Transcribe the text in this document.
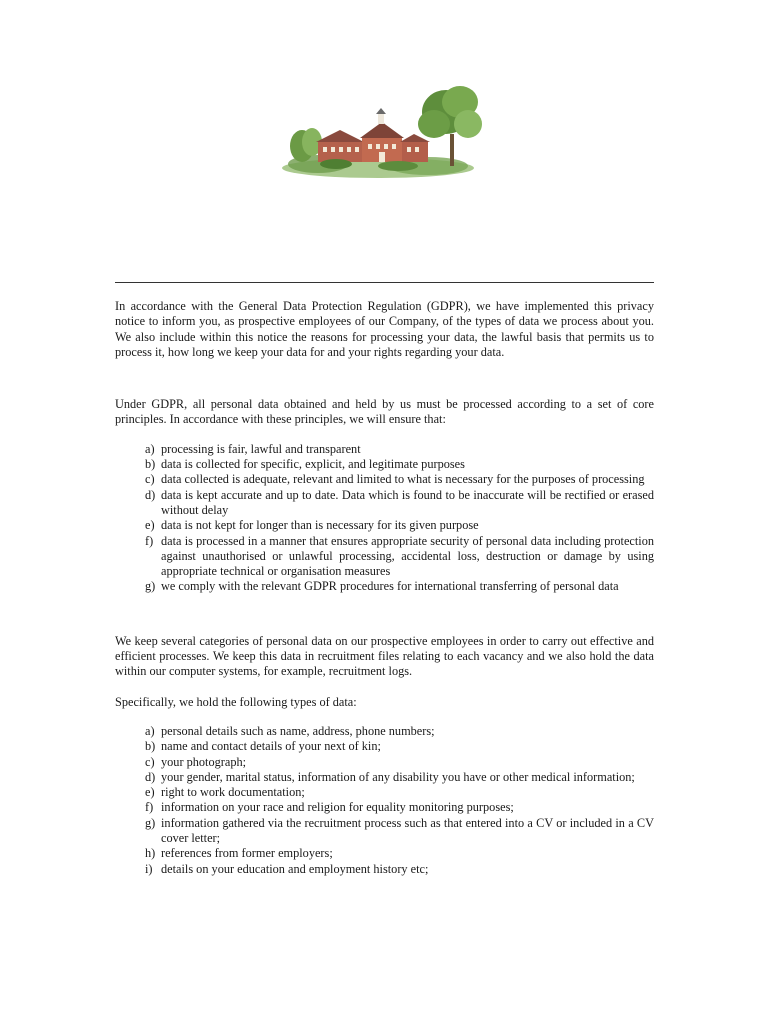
In accordance with the General Data Protection Regulation (GDPR), we have implemented this privacy notice to inform you, as prospective employees of our Company, of the types of data we process about you. We also include within this notice the reasons for processing your data, the lawful basis that permits us to process it, how long we keep your data for and your rights regarding your data.

Under GDPR, all personal data obtained and held by us must be processed according to a set of core principles. In accordance with these principles, we will ensure that:

a) processing is fair, lawful and transparent
b) data is collected for specific, explicit, and legitimate purposes
c) data collected is adequate, relevant and limited to what is necessary for the purposes of processing
d) data is kept accurate and up to date. Data which is found to be inaccurate will be rectified or erased without delay
e) data is not kept for longer than is necessary for its given purpose
f) data is processed in a manner that ensures appropriate security of personal data including protection against unauthorised or unlawful processing, accidental loss, destruction or damage by using appropriate technical or organisation measures
g) we comply with the relevant GDPR procedures for international transferring of personal data

We keep several categories of personal data on our prospective employees in order to carry out effective and efficient processes. We keep this data in recruitment files relating to each vacancy and we also hold the data within our computer systems, for example, recruitment logs.

Specifically, we hold the following types of data:

a) personal details such as name, address, phone numbers;
b) name and contact details of your next of kin;
c) your photograph;
d) your gender, marital status, information of any disability you have or other medical information;
e) right to work documentation;
f) information on your race and religion for equality monitoring purposes;
g) information gathered via the recruitment process such as that entered into a CV or included in a CV cover letter;
h) references from former employers;
i) details on your education and employment history etc;
